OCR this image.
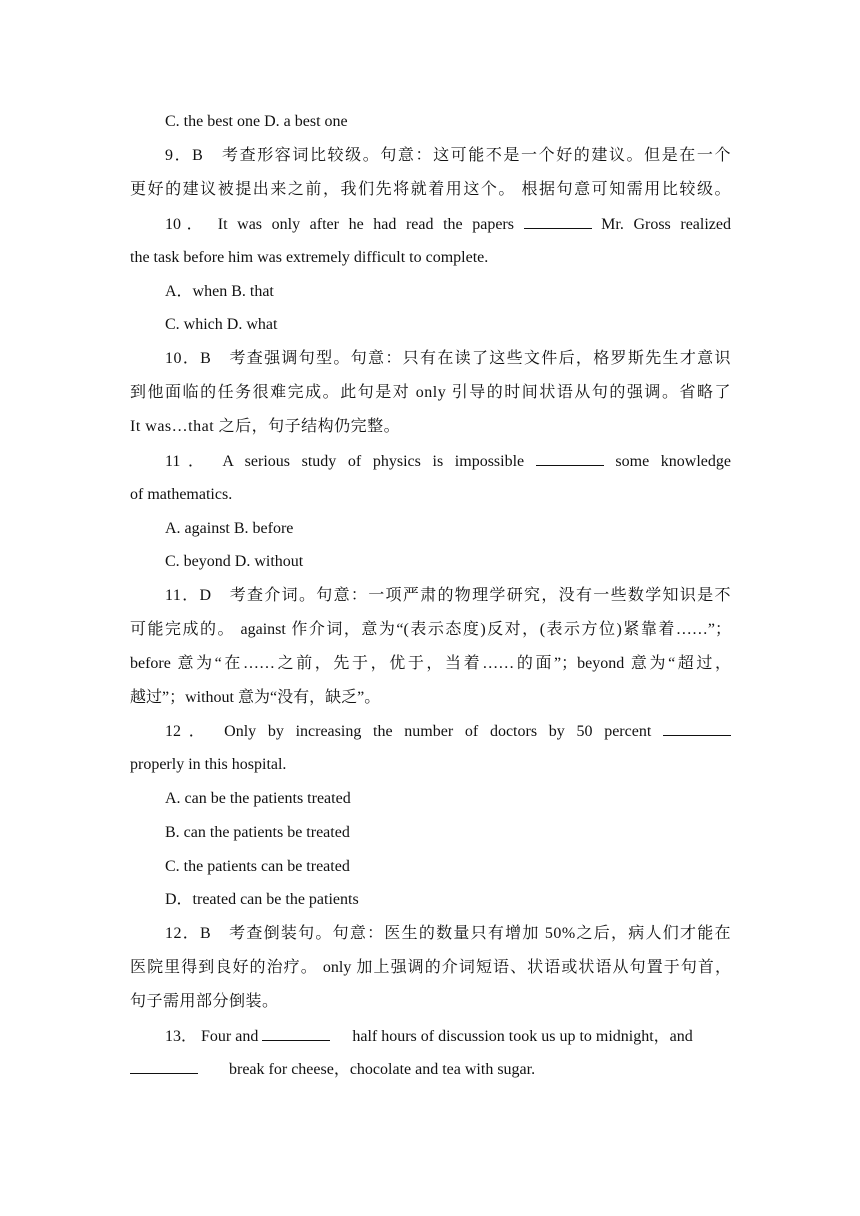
C. the best one D. a best one
9．B　考查形容词比较级。句意：这可能不是一个好的建议。但是在一个
更好的建议被提出来之前，我们先将就着用这个。 根据句意可知需用比较级。
10． It was only after he had read the papers	Mr. Gross realized
the task before him was extremely difficult to complete.
A．when B. that
C. which D. what
10．B　考查强调句型。句意：只有在读了这些文件后，格罗斯先生才意识
到他面临的任务很难完成。此句是对 only 引导的时间状语从句的强调。省略了
It was…that 之后，句子结构仍完整。
11． A serious study of physics is impossible	some knowledge
of mathematics.
A. against B. before
C. beyond D. without
11．D　考查介词。句意：一项严肃的物理学研究，没有一些数学知识是不
可能完成的。 against 作介词，意为“(表示态度)反对，(表示方位)紧靠着……”；
before 意为“在……之前，先于，优于，当着……的面”；beyond 意为“超过，
越过”；without 意为“没有，缺乏”。
12． Only by increasing the number of doctors by 50 percent
properly in this hospital.
A. can be the patients treated
B. can the patients be treated
C. the patients can be treated
D．treated can be the patients
12．B　考查倒装句。句意：医生的数量只有增加 50%之后，病人们才能在
医院里得到良好的治疗。 only 加上强调的介词短语、状语或状语从句置于句首，
句子需用部分倒装。
13． Four and	half hours of discussion took us up to midnight，and
break for cheese，chocolate and tea with sugar.
